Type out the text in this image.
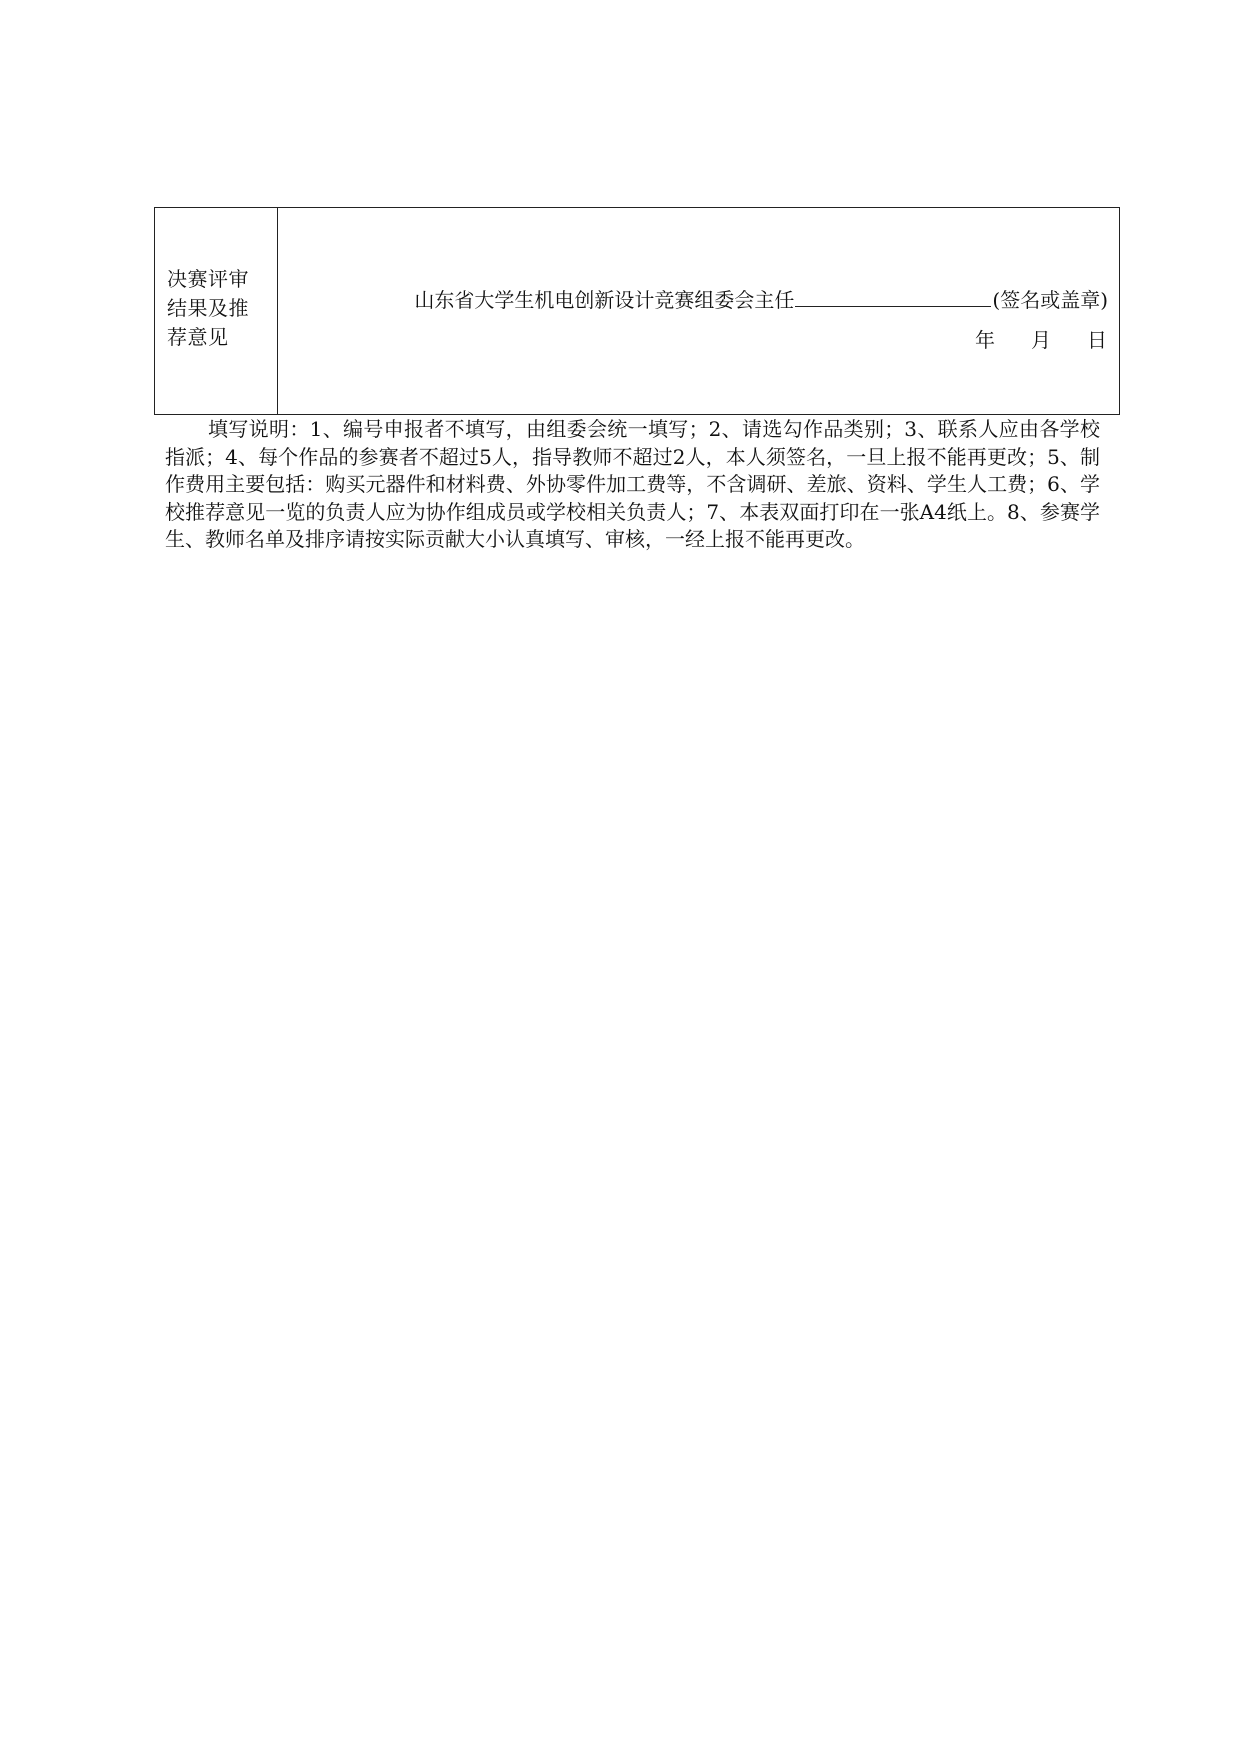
决赛评审结果及推荐意见
山东省大学生机电创新设计竞赛组委会主任	(签名或盖章)
年 月 日
填写说明：1、编号申报者不填写，由组委会统一填写；2、请选勾作品类别；3、联系人应由各学校指派；4、每个作品的参赛者不超过5人，指导教师不超过2人，本人须签名，一旦上报不能再更改；5、制作费用主要包括：购买元器件和材料费、外协零件加工费等，不含调研、差旅、资料、学生人工费；6、学校推荐意见一览的负责人应为协作组成员或学校相关负责人；7、本表双面打印在一张A4纸上。8、参赛学生、教师名单及排序请按实际贡献大小认真填写、审核，一经上报不能再更改。
